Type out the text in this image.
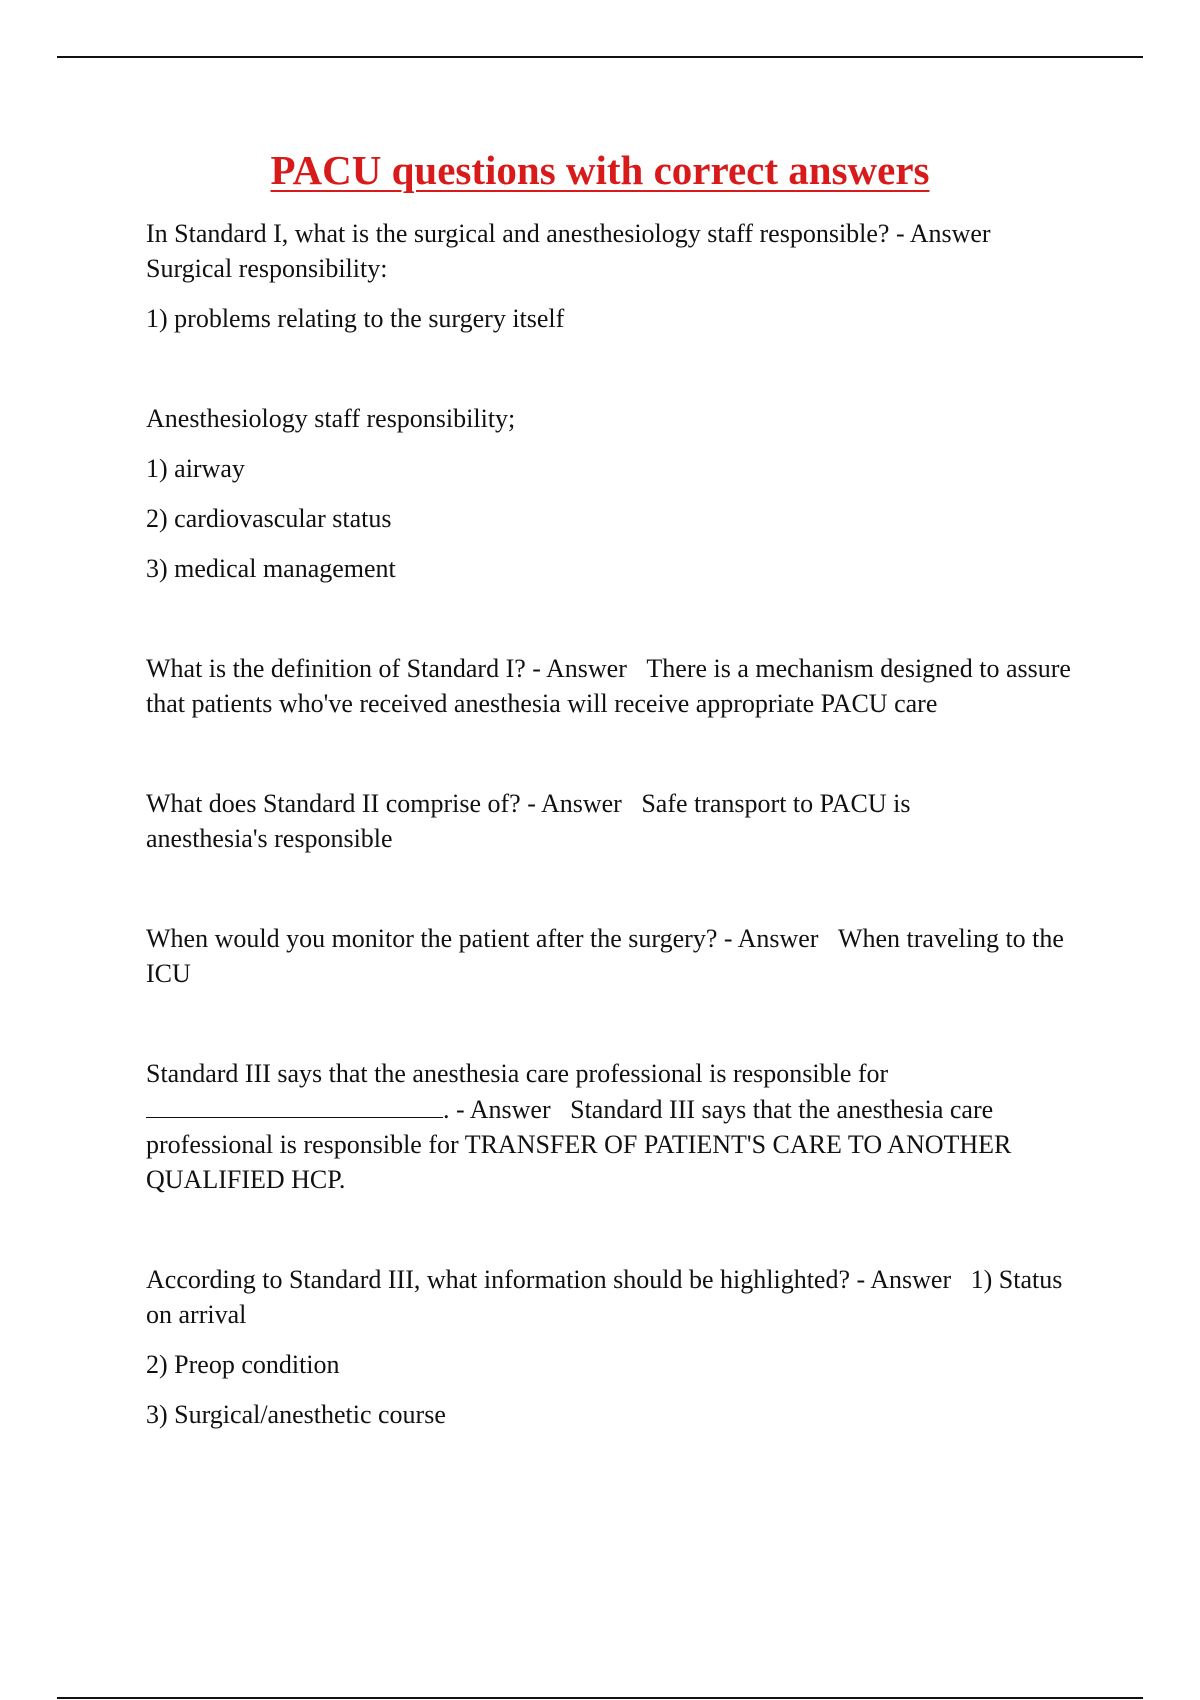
PACU questions with correct answers

In Standard I, what is the surgical and anesthesiology staff responsible? - Answer
Surgical responsibility:

1) problems relating to the surgery itself

Anesthesiology staff responsibility;

1) airway

2) cardiovascular status

3) medical management

What is the definition of Standard I? - Answer There is a mechanism designed to assure that patients who've received anesthesia will receive appropriate PACU care

What does Standard II comprise of? - Answer Safe transport to PACU is anesthesia's responsible

When would you monitor the patient after the surgery? - Answer When traveling to the ICU

Standard III says that the anesthesia care professional is responsible for
. - Answer Standard III says that the anesthesia care professional is responsible for TRANSFER OF PATIENT'S CARE TO ANOTHER QUALIFIED HCP.

According to Standard III, what information should be highlighted? - Answer 1) Status on arrival

2) Preop condition

3) Surgical/anesthetic course
